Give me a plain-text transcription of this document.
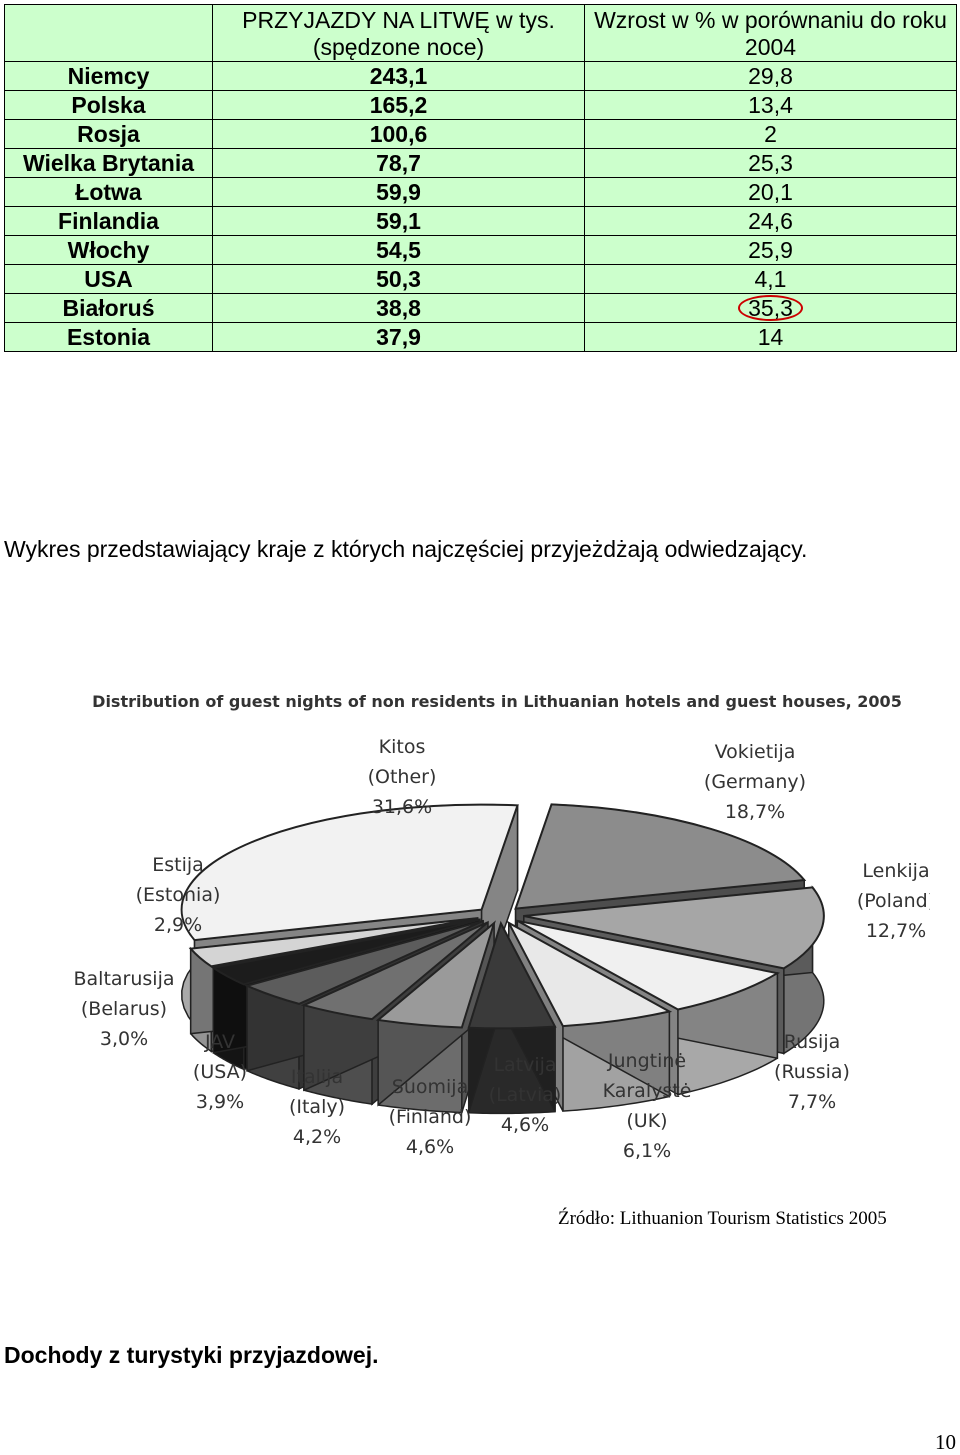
	PRZYJAZDY NA LITWĘ w tys. (spędzone noce)	Wzrost w % w porównaniu do roku 2004
Niemcy	243,1	29,8
Polska	165,2	13,4
Rosja	100,6	2
Wielka Brytania	78,7	25,3
Łotwa	59,9	20,1
Finlandia	59,1	24,6
Włochy	54,5	25,9
USA	50,3	4,1
Białoruś	38,8	35,3
Estonia	37,9	14
Wykres przedstawiający kraje z których najczęściej przyjeżdżają odwiedzający.
Distribution of guest nights of non residents in Lithuanian hotels and guest houses, 2005
Vokietija
(Germany)
18,7%
Lenkija
(Poland)
12,7%
Rusija
(Russia)
7,7%
Jungtinė
Karalystė
(UK)
6,1%
Latvija
(Latvia)
4,6%
Suomija
(Finland)
4,6%
Italija
(Italy)
4,2%
JAV
(USA)
3,9%
Baltarusija
(Belarus)
3,0%
Estija
(Estonia)
2,9%
Kitos
(Other)
31,6%
Źródło: Lithuanion Tourism Statistics 2005
Dochody z turystyki przyjazdowej.
10
